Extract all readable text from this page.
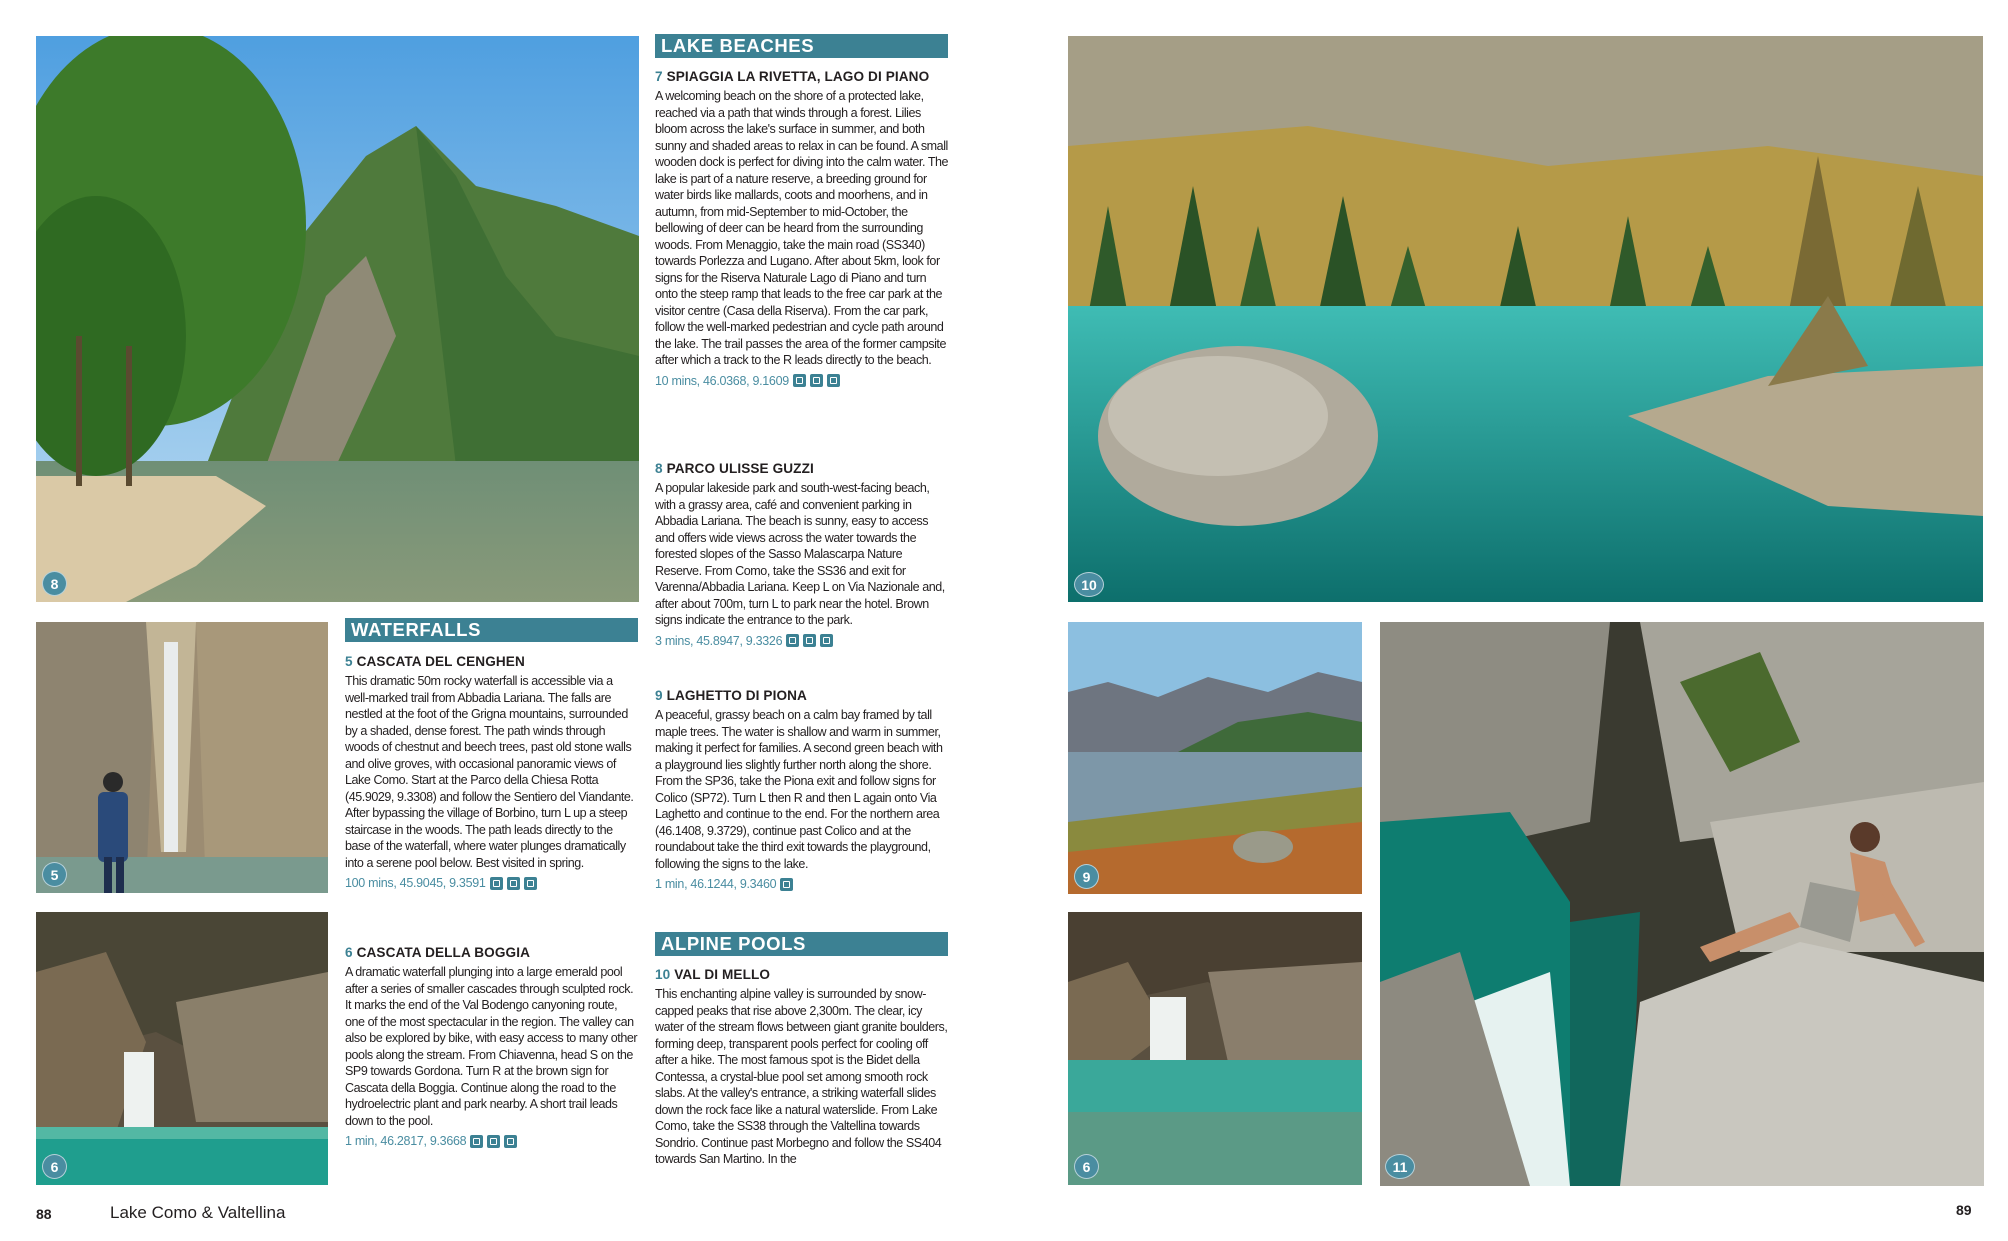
8
5
6
LAKE BEACHES

7 SPIAGGIA LA RIVETTA, LAGO DI PIANO

A welcoming beach on the shore of a protected lake, reached via a path that winds through a forest. Lilies bloom across the lake's surface in summer, and both sunny and shaded areas to relax in can be found. A small wooden dock is perfect for diving into the calm water. The lake is part of a nature reserve, a breeding ground for water birds like mallards, coots and moorhens, and in autumn, from mid-September to mid-October, the bellowing of deer can be heard from the surrounding woods. From Menaggio, take the main road (SS340) towards Porlezza and Lugano. After about 5km, look for signs for the Riserva Naturale Lago di Piano and turn onto the steep ramp that leads to the free car park at the visitor centre (Casa della Riserva). From the car park, follow the well-marked pedestrian and cycle path around the lake. The trail passes the area of the former campsite after which a track to the R leads directly to the beach.

10 mins, 46.0368, 9.1609

8 PARCO ULISSE GUZZI

A popular lakeside park and south-west-facing beach, with a grassy area, café and convenient parking in Abbadia Lariana. The beach is sunny, easy to access and offers wide views across the water towards the forested slopes of the Sasso Malascarpa Nature Reserve. From Como, take the SS36 and exit for Varenna/Abbadia Lariana. Keep L on Via Nazionale and, after about 700m, turn L to park near the hotel. Brown signs indicate the entrance to the park.

3 mins, 45.8947, 9.3326

9 LAGHETTO DI PIONA

A peaceful, grassy beach on a calm bay framed by tall maple trees. The water is shallow and warm in summer, making it perfect for families. A second green beach with a playground lies slightly further north along the shore. From the SP36, take the Piona exit and follow signs for Colico (SP72). Turn L then R and then L again onto Via Laghetto and continue to the end. For the northern area (46.1408, 9.3729), continue past Colico and at the roundabout take the third exit towards the playground, following the signs to the lake.

1 min, 46.1244, 9.3460
ALPINE POOLS

10 VAL DI MELLO

This enchanting alpine valley is surrounded by snow-capped peaks that rise above 2,300m. The clear, icy water of the stream flows between giant granite boulders, forming deep, transparent pools perfect for cooling off after a hike. The most famous spot is the Bidet della Contessa, a crystal-blue pool set among smooth rock slabs. At the valley's entrance, a striking waterfall slides down the rock face like a natural waterslide. From Lake Como, take the SS38 through the Valtellina towards Sondrio. Continue past Morbegno and follow the SS404 towards San Martino. In the

WATERFALLS

5 CASCATA DEL CENGHEN

This dramatic 50m rocky waterfall is accessible via a well-marked trail from Abbadia Lariana. The falls are nestled at the foot of the Grigna mountains, surrounded by a shaded, dense forest. The path winds through woods of chestnut and beech trees, past old stone walls and olive groves, with occasional panoramic views of Lake Como. Start at the Parco della Chiesa Rotta (45.9029, 9.3308) and follow the Sentiero del Viandante. After bypassing the village of Borbino, turn L up a steep staircase in the woods. The path leads directly to the base of the waterfall, where water plunges dramatically into a serene pool below. Best visited in spring.

100 mins, 45.9045, 9.3591

6 CASCATA DELLA BOGGIA

A dramatic waterfall plunging into a large emerald pool after a series of smaller cascades through sculpted rock. It marks the end of the Val Bodengo canyoning route, one of the most spectacular in the region. The valley can also be explored by bike, with easy access to many other pools along the stream. From Chiavenna, head S on the SP9 towards Gordona. Turn R at the brown sign for Cascata della Boggia. Continue along the road to the hydroelectric plant and park nearby. A short trail leads down to the pool.

1 min, 46.2817, 9.3668
10
9
6	11
88	Lake Como & Valtellina	89
